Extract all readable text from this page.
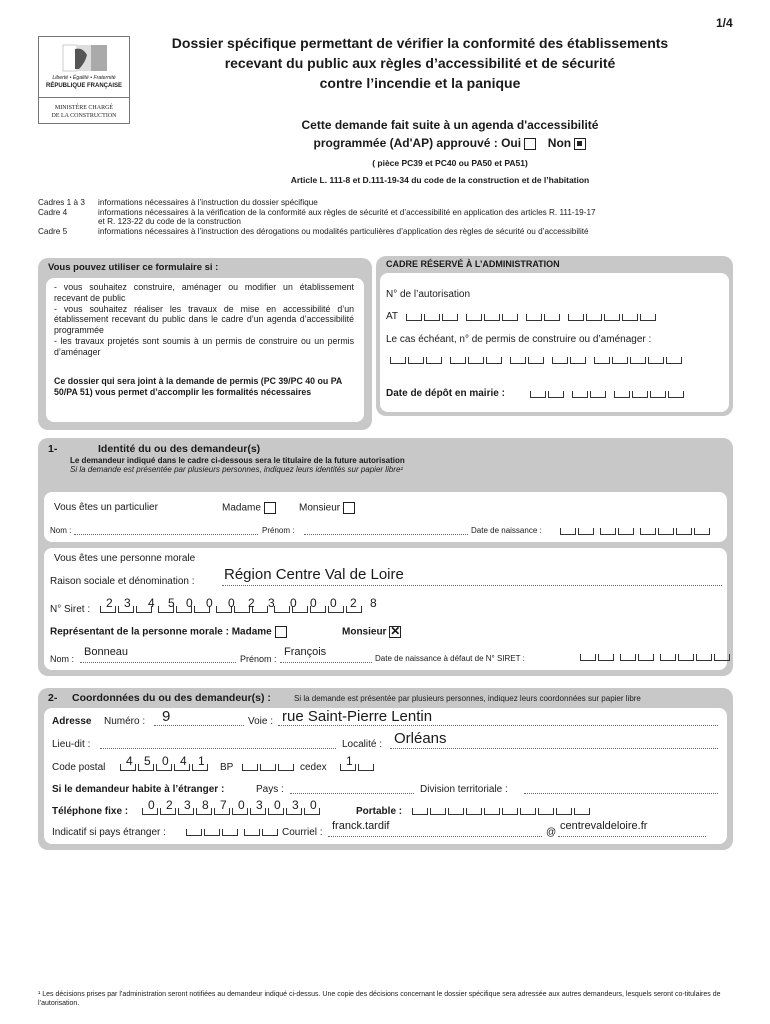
1/4
Liberté • Égalité • Fraternité
RÉPUBLIQUE FRANÇAISE
MINISTÈRE CHARGÉ
DE LA CONSTRUCTION
Dossier spécifique permettant de vérifier la conformité des établissements
recevant du public aux règles d’accessibilité et de sécurité
contre l’incendie et la panique
Cette demande fait suite à un agenda d'accessibilité
programmée (Ad'AP) approuvé : Oui Non
( pièce PC39 et PC40 ou PA50 et PA51)
Article L. 111-8 et D.111-19-34 du code de la construction et de l’habitation
Cadres 1 à 3 informations nécessaires à l’instruction du dossier spécifique
Cadre 4	informations nécessaires à la vérification de la conformité aux règles de sécurité et d’accessibilité en application des articles R. 111-19-17
et R. 123-22 du code de la construction
Cadre 5	informations nécessaires à l’instruction des dérogations ou modalités particulières d’application des règles de sécurité ou d’accessibilité
Vous pouvez utiliser ce formulaire si :
- vous souhaitez construire, aménager ou modifier un établissement recevant de public
- vous souhaitez réaliser les travaux de mise en accessibilité d’un établissement recevant du public dans le cadre d’un agenda d’accessibilité programmée
- les travaux projetés sont soumis à un permis de construire ou un permis d’aménager
Ce dossier qui sera joint à la demande de permis (PC 39/PC 40 ou PA 50/PA 51) vous permet d’accomplir les formalités nécessaires
CADRE RÉSERVÉ À L’ADMINISTRATION
N° de l’autorisation
AT
Le cas échéant, n° de permis de construire ou d’aménager :
Date de dépôt en mairie :
1-	Identité du ou des demandeur(s)
Le demandeur indiqué dans le cadre ci-dessous sera le titulaire de la future autorisation
Si la demande est présentée par plusieurs personnes, indiquez leurs identités sur papier libre¹
Vous êtes un particulier	Madame	Monsieur
Nom :	Prénom :	Date de naissance :
Vous êtes une personne morale
Raison sociale et dénomination : Région Centre Val de Loire
N° Siret : 2 3 4 5 0 0 0 2 3 0 0 0 2 8
Représentant de la personne morale : Madame	Monsieur ✕
Nom :
Bonneau
Prénom :
François
Date de naissance à défaut de N° SIRET :
2- Coordonnées du ou des demandeur(s) :	Si la demande est présentée par plusieurs personnes, indiquez leurs coordonnées sur papier libre
Adresse Numéro : 9	Voie : rue Saint-Pierre Lentin
Lieu-dit :	Localité : Orléans
Code postal 4 5 0 4 1 BP	cedex 1
Si le demandeur habite à l’étranger :	Pays :	Division territoriale :
Téléphone fixe : 0 2 3 8 7 0 3 0 3 0	Portable :
Indicatif si pays étranger :	Courriel :
franck.tardif
@
centrevaldeloire.fr
¹ Les décisions prises par l’administration seront notifiées au demandeur indiqué ci-dessus. Une copie des décisions concernant le dossier spécifique sera adressée aux autres demandeurs, lesquels seront co-titulaires de l’autorisation.
